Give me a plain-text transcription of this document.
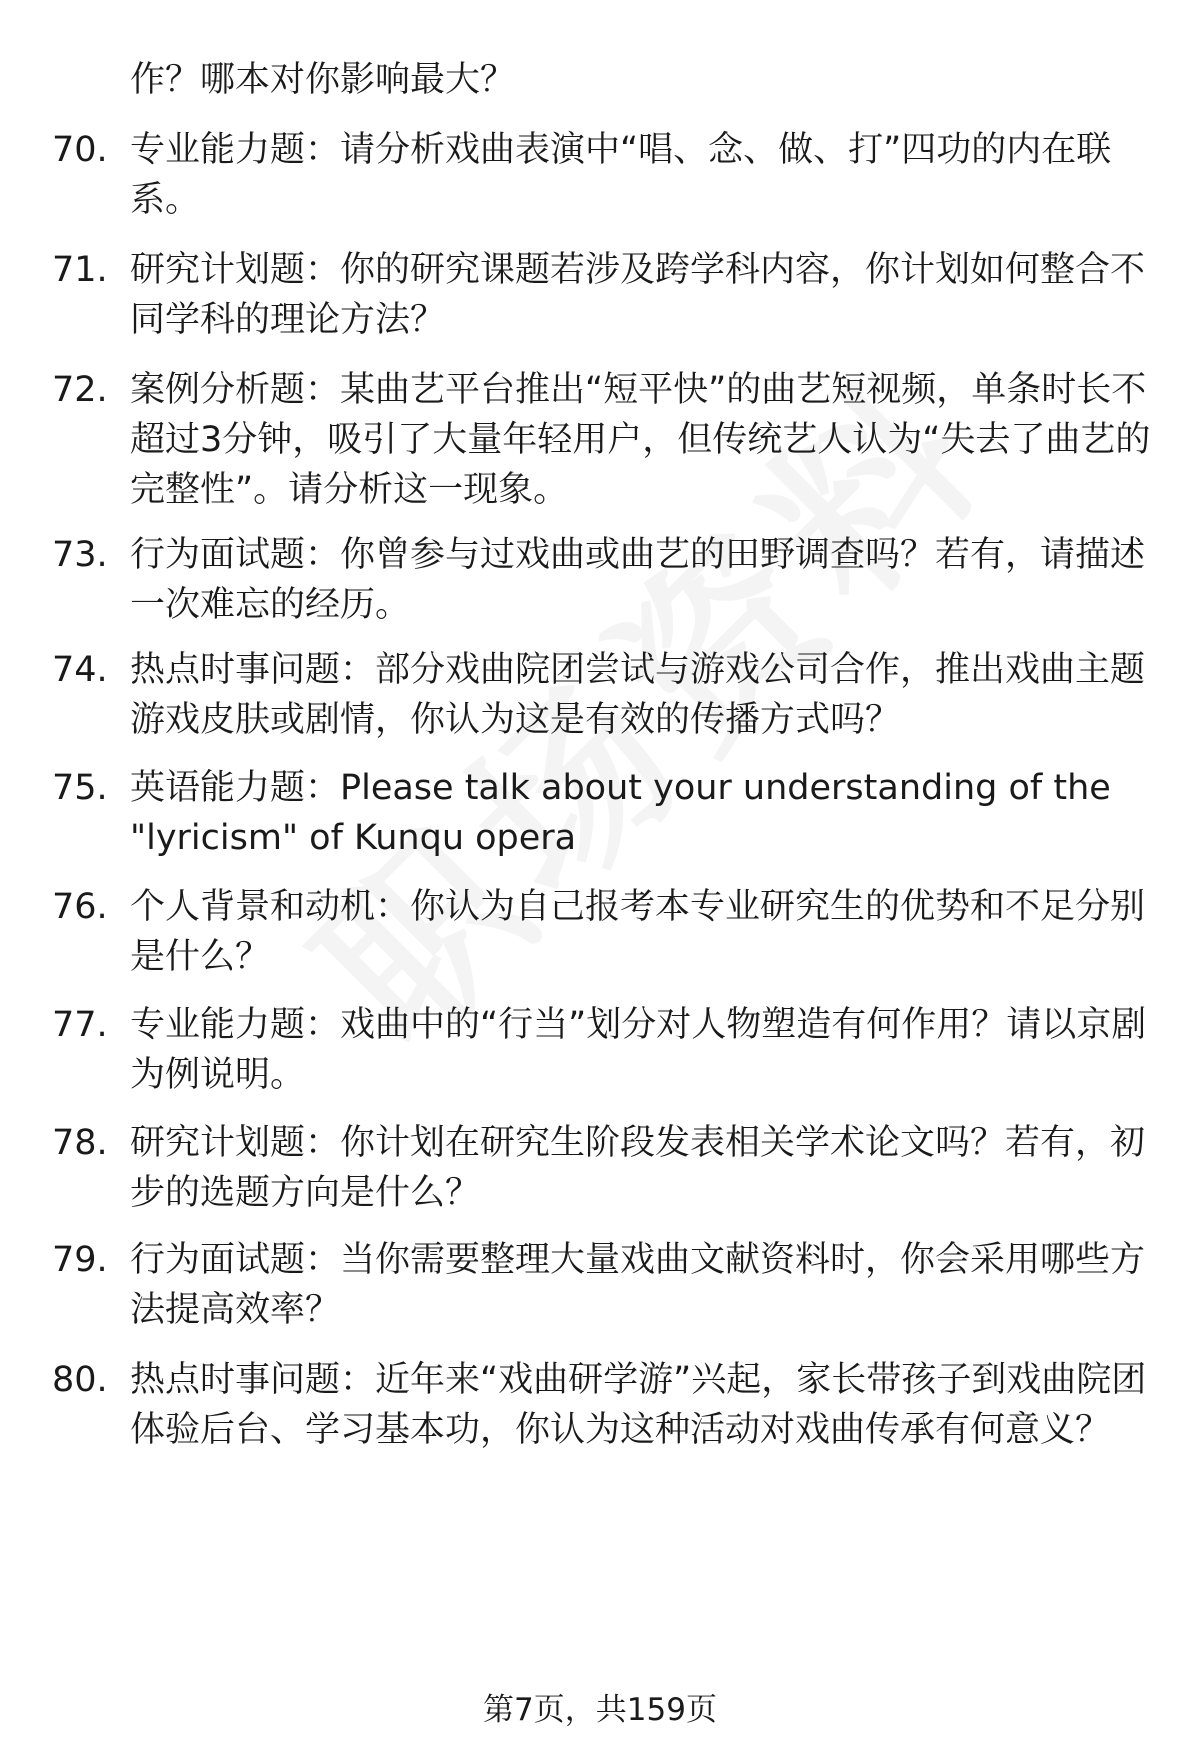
作？哪本对你影响最大？
70. 专业能力题：请分析戏曲表演中“唱、念、做、打”四功的内在联系。
71. 研究计划题：你的研究课题若涉及跨学科内容，你计划如何整合不同学科的理论方法？
72. 案例分析题：某曲艺平台推出“短平快”的曲艺短视频，单条时长不超过3分钟，吸引了大量年轻用户，但传统艺人认为“失去了曲艺的完整性”。请分析这一现象。
73. 行为面试题：你曾参与过戏曲或曲艺的田野调查吗？若有，请描述一次难忘的经历。
74. 热点时事问题：部分戏曲院团尝试与游戏公司合作，推出戏曲主题游戏皮肤或剧情，你认为这是有效的传播方式吗？
75. 英语能力题：Please talk about your understanding of the "lyricism" of Kunqu opera
76. 个人背景和动机：你认为自己报考本专业研究生的优势和不足分别是什么？
77. 专业能力题：戏曲中的“行当”划分对人物塑造有何作用？请以京剧为例说明。
78. 研究计划题：你计划在研究生阶段发表相关学术论文吗？若有，初步的选题方向是什么？
79. 行为面试题：当你需要整理大量戏曲文献资料时，你会采用哪些方法提高效率？
80. 热点时事问题：近年来“戏曲研学游”兴起，家长带孩子到戏曲院团体验后台、学习基本功，你认为这种活动对戏曲传承有何意义？
第7页，共159页
